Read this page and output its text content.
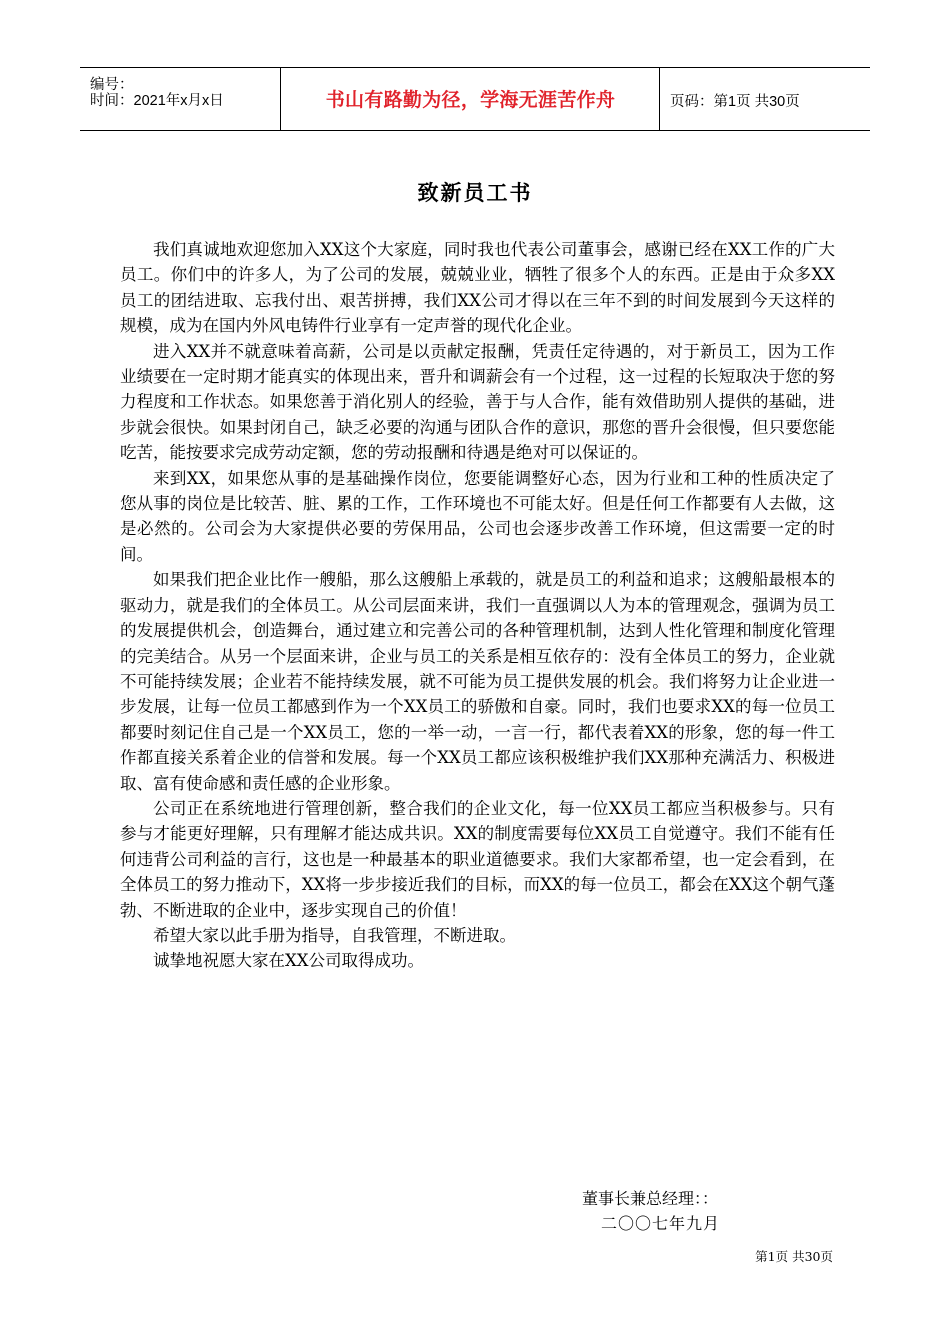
编号：
时间：2021年x月x日	书山有路勤为径，学海无涯苦作舟	页码：第1页 共30页
致新员工书

我们真诚地欢迎您加入XX这个大家庭，同时我也代表公司董事会，感谢已经在XX工作的广大员工。你们中的许多人，为了公司的发展，兢兢业业，牺牲了很多个人的东西。正是由于众多XX员工的团结进取、忘我付出、艰苦拼搏，我们XX公司才得以在三年不到的时间发展到今天这样的规模，成为在国内外风电铸件行业享有一定声誉的现代化企业。

进入XX并不就意味着高薪，公司是以贡献定报酬，凭责任定待遇的，对于新员工，因为工作业绩要在一定时期才能真实的体现出来，晋升和调薪会有一个过程，这一过程的长短取决于您的努力程度和工作状态。如果您善于消化别人的经验，善于与人合作，能有效借助别人提供的基础，进步就会很快。如果封闭自己，缺乏必要的沟通与团队合作的意识，那您的晋升会很慢，但只要您能吃苦，能按要求完成劳动定额，您的劳动报酬和待遇是绝对可以保证的。

来到XX，如果您从事的是基础操作岗位，您要能调整好心态，因为行业和工种的性质决定了您从事的岗位是比较苦、脏、累的工作，工作环境也不可能太好。但是任何工作都要有人去做，这是必然的。公司会为大家提供必要的劳保用品，公司也会逐步改善工作环境，但这需要一定的时间。

如果我们把企业比作一艘船，那么这艘船上承载的，就是员工的利益和追求；这艘船最根本的驱动力，就是我们的全体员工。从公司层面来讲，我们一直强调以人为本的管理观念，强调为员工的发展提供机会，创造舞台，通过建立和完善公司的各种管理机制，达到人性化管理和制度化管理的完美结合。从另一个层面来讲，企业与员工的关系是相互依存的：没有全体员工的努力，企业就不可能持续发展；企业若不能持续发展，就不可能为员工提供发展的机会。我们将努力让企业进一步发展，让每一位员工都感到作为一个XX员工的骄傲和自豪。同时，我们也要求XX的每一位员工都要时刻记住自己是一个XX员工，您的一举一动，一言一行，都代表着XX的形象，您的每一件工作都直接关系着企业的信誉和发展。每一个XX员工都应该积极维护我们XX那种充满活力、积极进取、富有使命感和责任感的企业形象。

公司正在系统地进行管理创新，整合我们的企业文化，每一位XX员工都应当积极参与。只有参与才能更好理解，只有理解才能达成共识。XX的制度需要每位XX员工自觉遵守。我们不能有任何违背公司利益的言行，这也是一种最基本的职业道德要求。我们大家都希望，也一定会看到，在全体员工的努力推动下，XX将一步步接近我们的目标，而XX的每一位员工，都会在XX这个朝气蓬勃、不断进取的企业中，逐步实现自己的价值！

希望大家以此手册为指导，自我管理，不断进取。

诚挚地祝愿大家在XX公司取得成功。

董事长兼总经理：：
二〇〇七年九月
第1页 共30页
